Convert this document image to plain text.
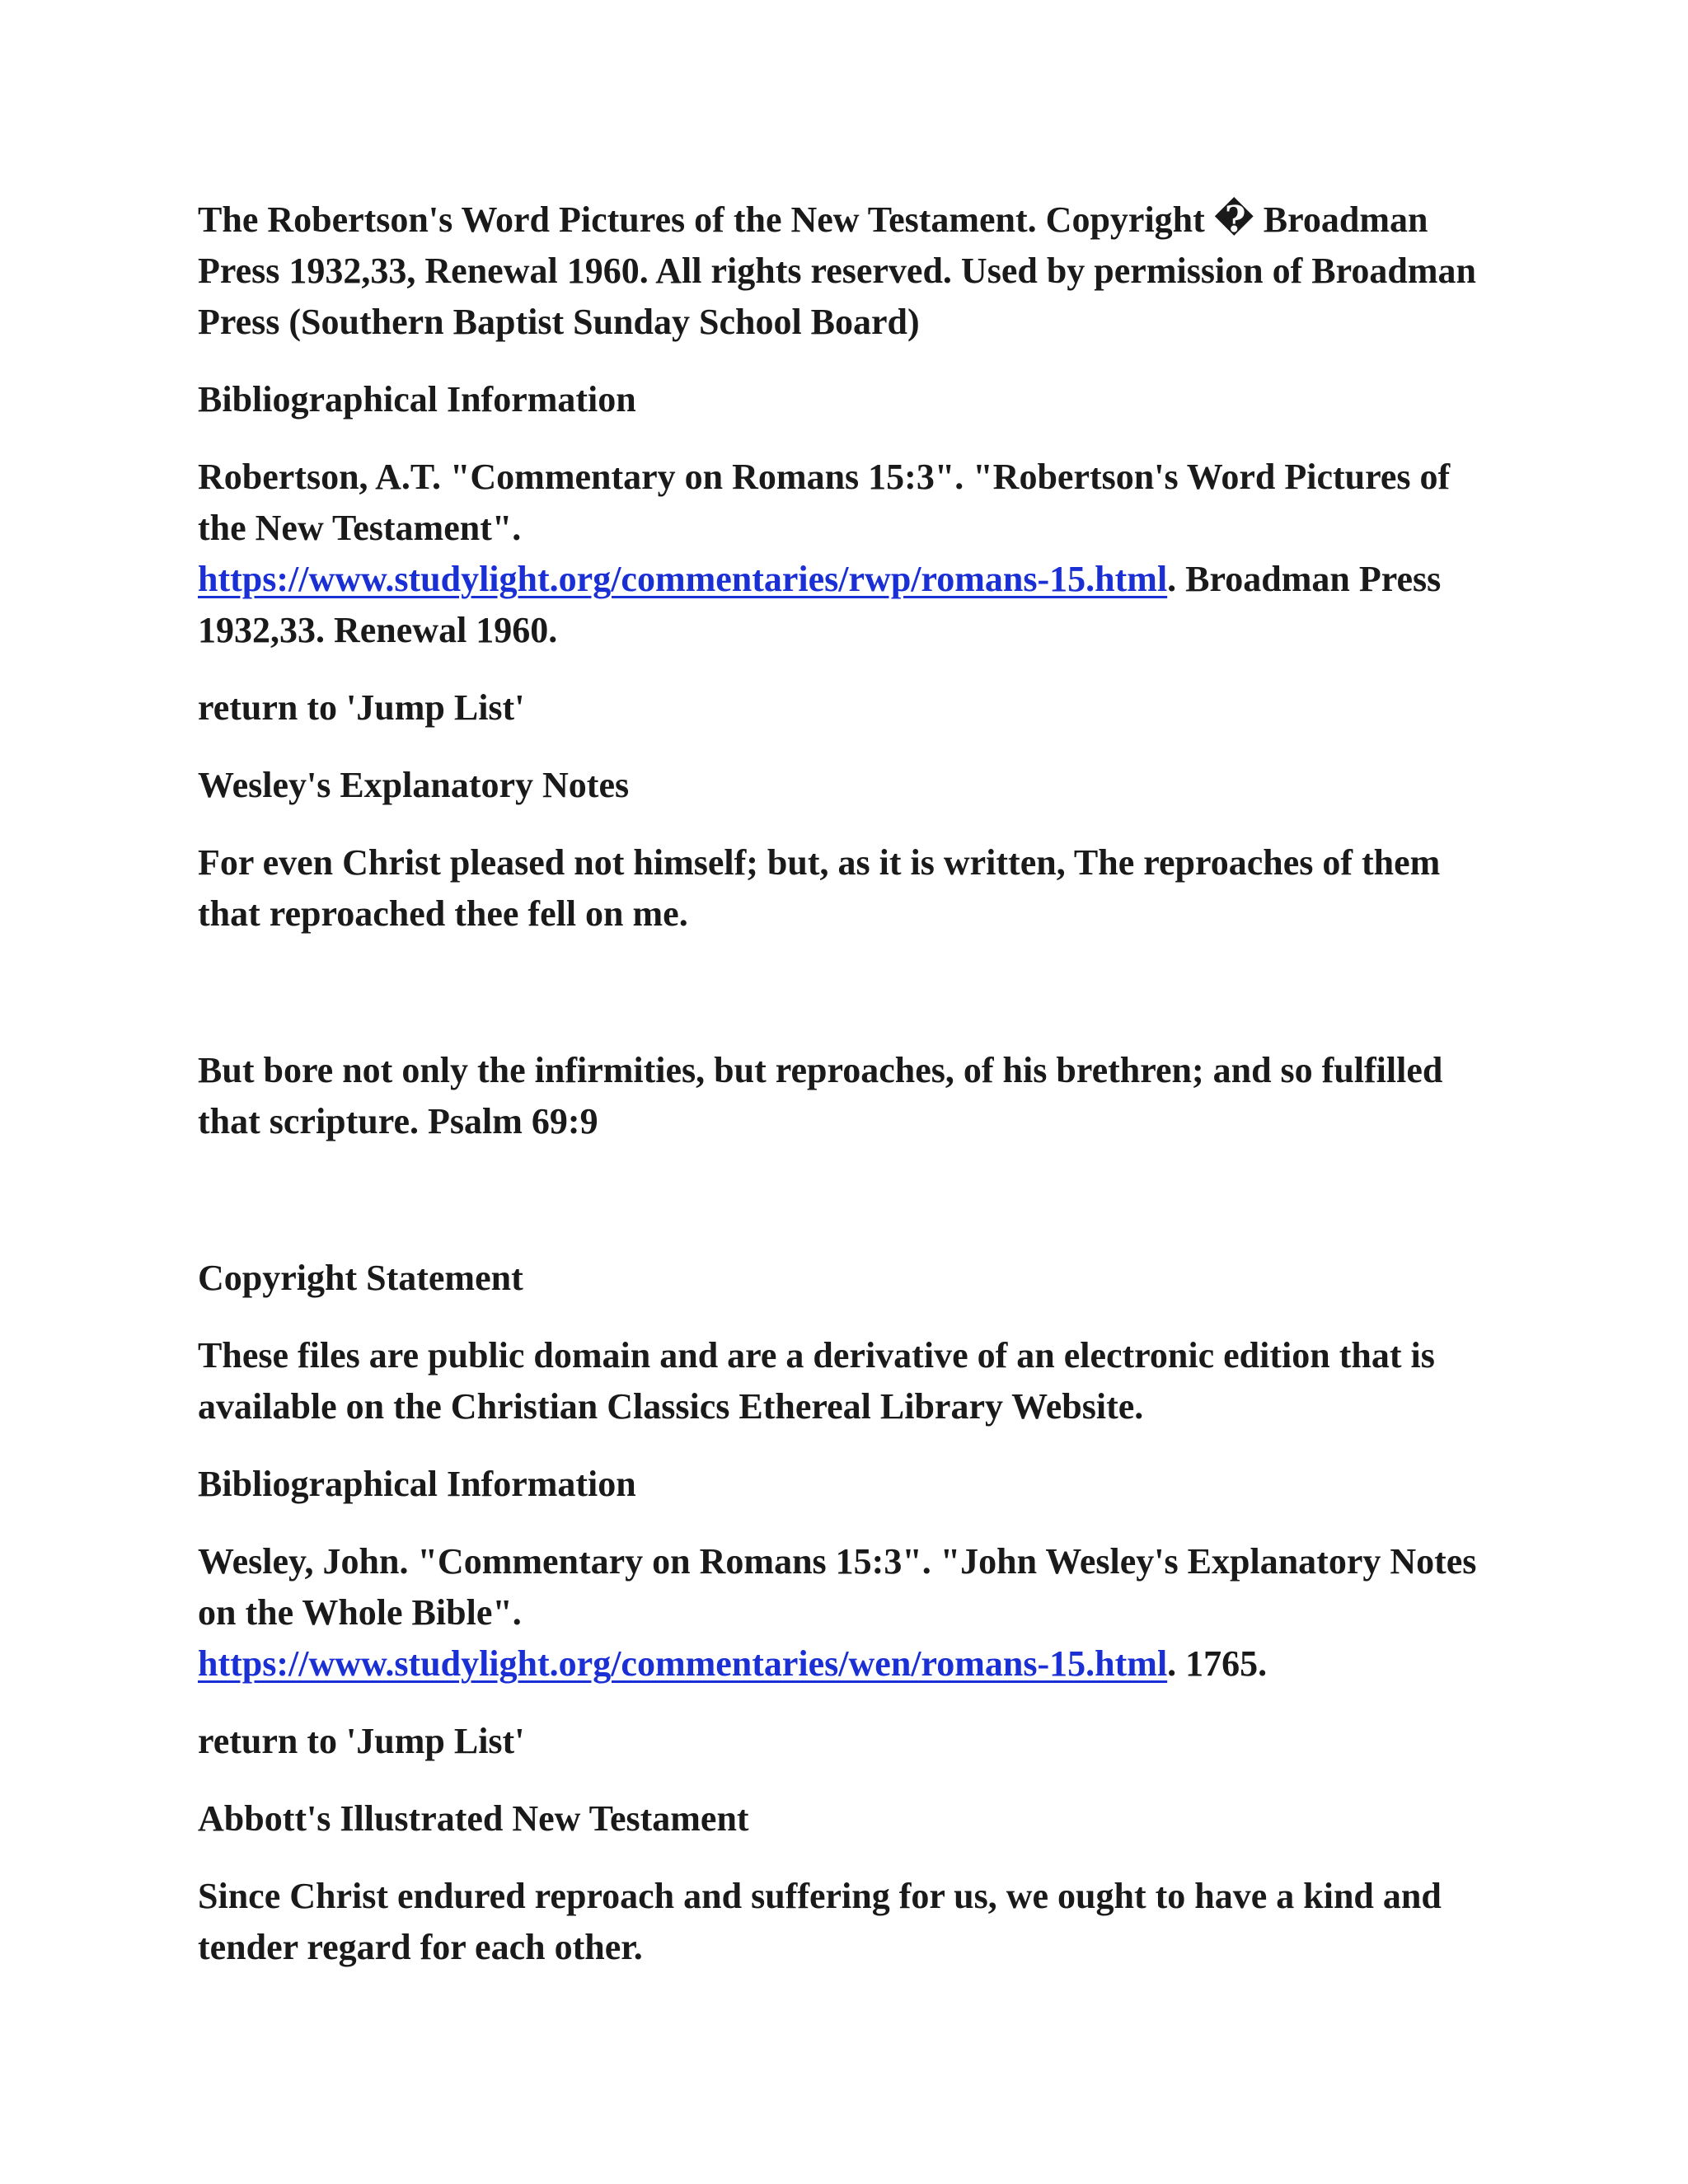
The Robertson's Word Pictures of the New Testament. Copyright � Broadman Press 1932,33, Renewal 1960. All rights reserved. Used by permission of Broadman Press (Southern Baptist Sunday School Board)

Bibliographical Information

Robertson, A.T. "Commentary on Romans 15:3". "Robertson's Word Pictures of the New Testament".
https://www.studylight.org/commentaries/rwp/romans-15.html. Broadman Press 1932,33. Renewal 1960.

return to 'Jump List'

Wesley's Explanatory Notes

For even Christ pleased not himself; but, as it is written, The reproaches of them that reproached thee fell on me.

But bore not only the infirmities, but reproaches, of his brethren; and so fulfilled that scripture. Psalm 69:9

Copyright Statement

These files are public domain and are a derivative of an electronic edition that is available on the Christian Classics Ethereal Library Website.

Bibliographical Information

Wesley, John. "Commentary on Romans 15:3". "John Wesley's Explanatory Notes on the Whole Bible".
https://www.studylight.org/commentaries/wen/romans-15.html. 1765.

return to 'Jump List'

Abbott's Illustrated New Testament

Since Christ endured reproach and suffering for us, we ought to have a kind and tender regard for each other.
